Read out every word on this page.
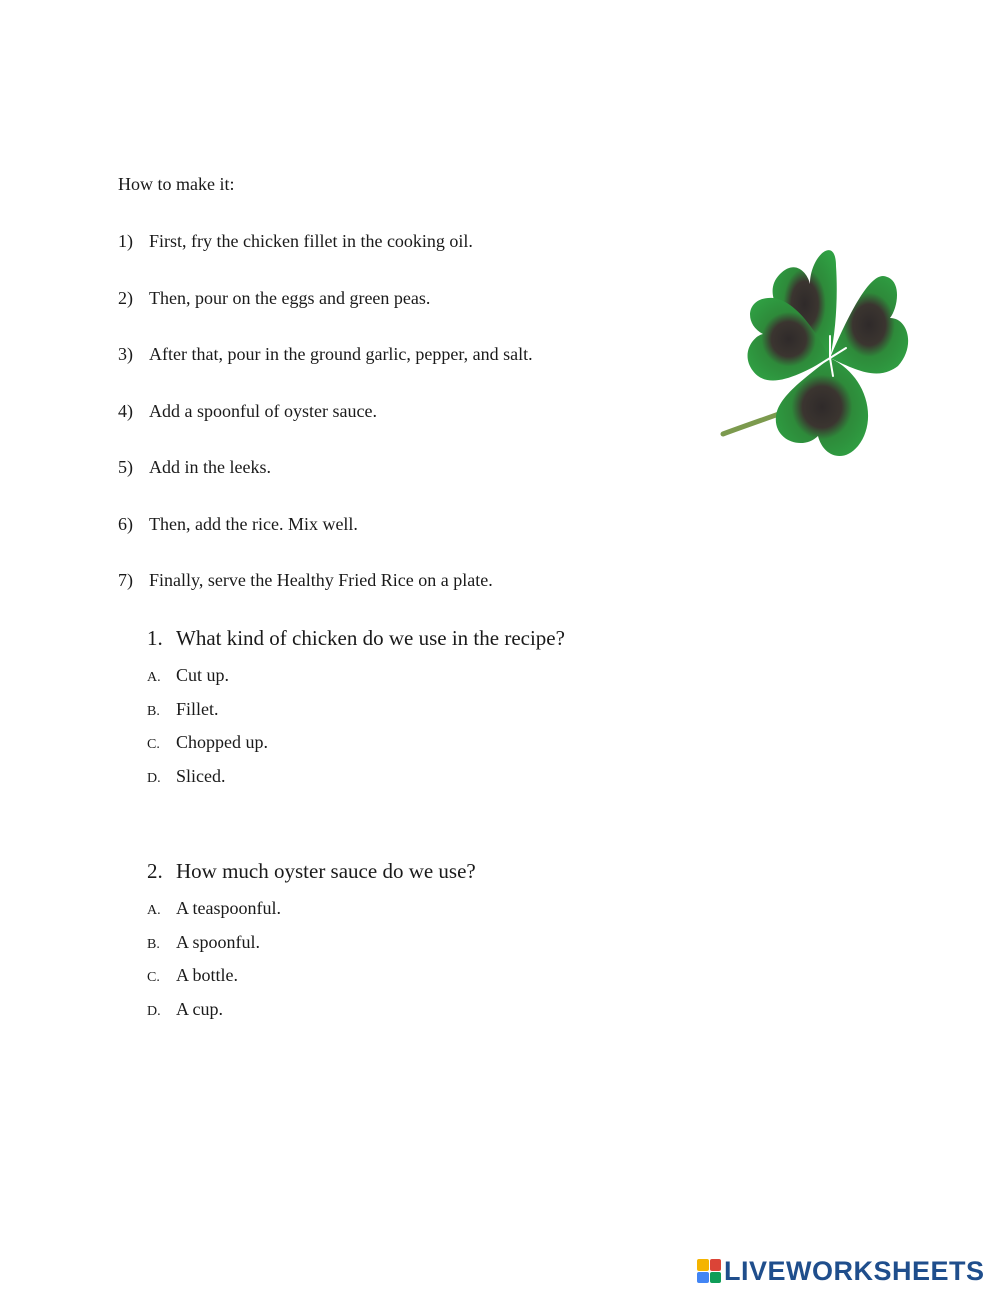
How to make it:
1) First, fry the chicken fillet in the cooking oil.
2) Then, pour on the eggs and green peas.
3) After that, pour in the ground garlic, pepper, and salt.
4) Add a spoonful of oyster sauce.
5) Add in the leeks.
6) Then, add the rice. Mix well.
7) Finally, serve the Healthy Fried Rice on a plate.
1. What kind of chicken do we use in the recipe?
A. Cut up.
B. Fillet.
C. Chopped up.
D. Sliced.
2. How much oyster sauce do we use?
A. A teaspoonful.
B. A spoonful.
C. A bottle.
D. A cup.
LIVEWORKSHEETS
